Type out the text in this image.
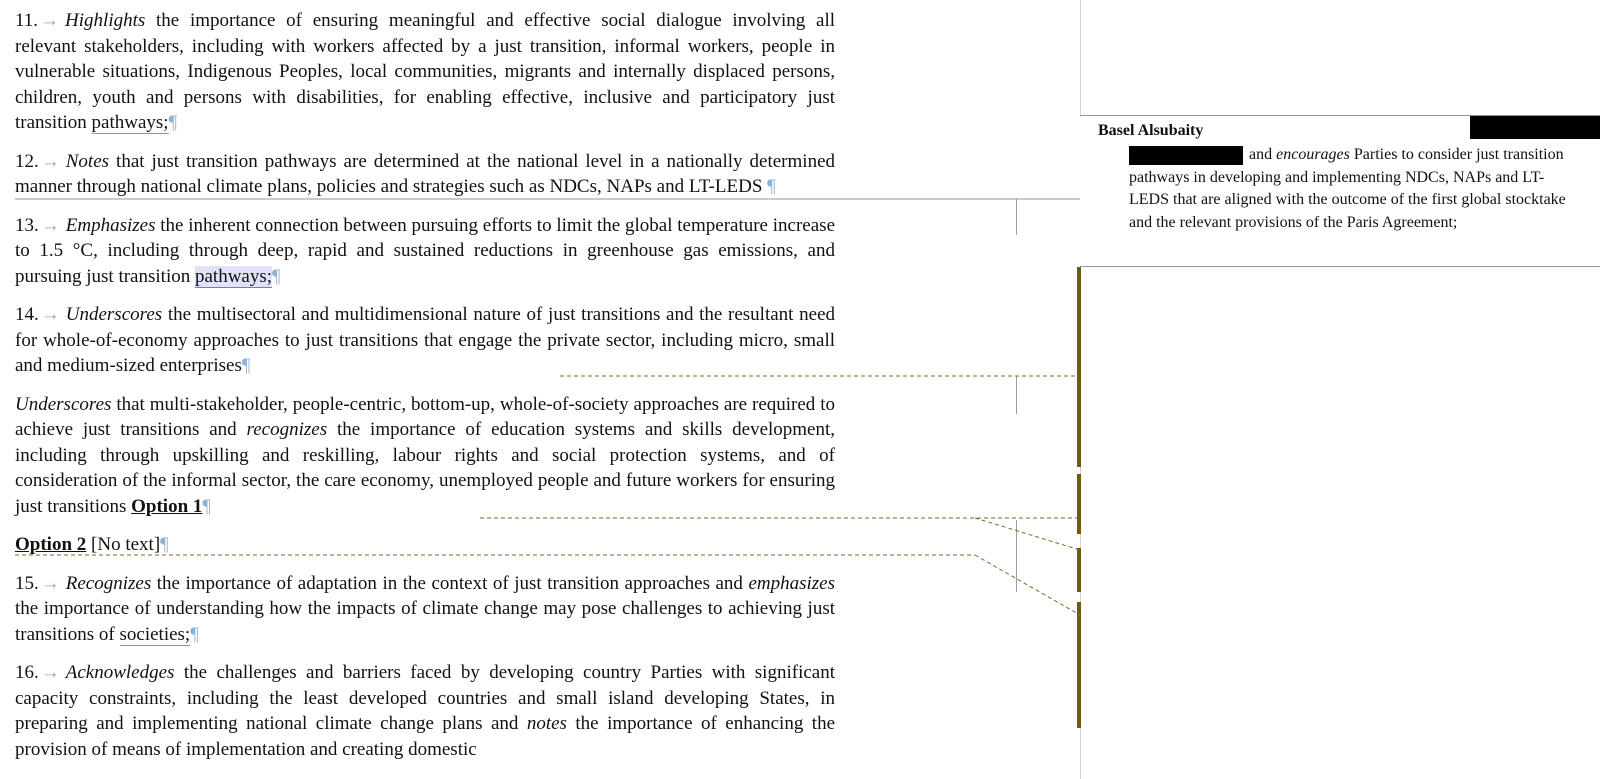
11. → Highlights the importance of ensuring meaningful and effective social dialogue involving all relevant stakeholders, including with workers affected by a just transition, informal workers, people in vulnerable situations, Indigenous Peoples, local communities, migrants and internally displaced persons, children, youth and persons with disabilities, for enabling effective, inclusive and participatory just transition pathways;¶

12. → Notes that just transition pathways are determined at the national level in a nationally determined manner through national climate plans, policies and strategies such as NDCs, NAPs and LT-LEDS ¶

13. → Emphasizes the inherent connection between pursuing efforts to limit the global temperature increase to 1.5 °C, including through deep, rapid and sustained reductions in greenhouse gas emissions, and pursuing just transition pathways;¶

14. → Underscores the multisectoral and multidimensional nature of just transitions and the resultant need for whole-of-economy approaches to just transitions that engage the private sector, including micro, small and medium-sized enterprises¶

Underscores that multi-stakeholder, people-centric, bottom-up, whole-of-society approaches are required to achieve just transitions and recognizes the importance of education systems and skills development, including through upskilling and reskilling, labour rights and social protection systems, and of consideration of the informal sector, the care economy, unemployed people and future workers for ensuring just transitions Option 1¶

Option 2 [No text]¶

15. → Recognizes the importance of adaptation in the context of just transition approaches and emphasizes the importance of understanding how the impacts of climate change may pose challenges to achieving just transitions of societies;¶

16. → Acknowledges the challenges and barriers faced by developing country Parties with significant capacity constraints, including the least developed countries and small island developing States, in preparing and implementing national climate change plans and notes the importance of enhancing the provision of means of implementation and creating domestic

Basel Alsubaity
and encourages Parties to consider just transition pathways in developing and implementing NDCs, NAPs and LT-LEDS that are aligned with the outcome of the first global stocktake and the relevant provisions of the Paris Agreement;
